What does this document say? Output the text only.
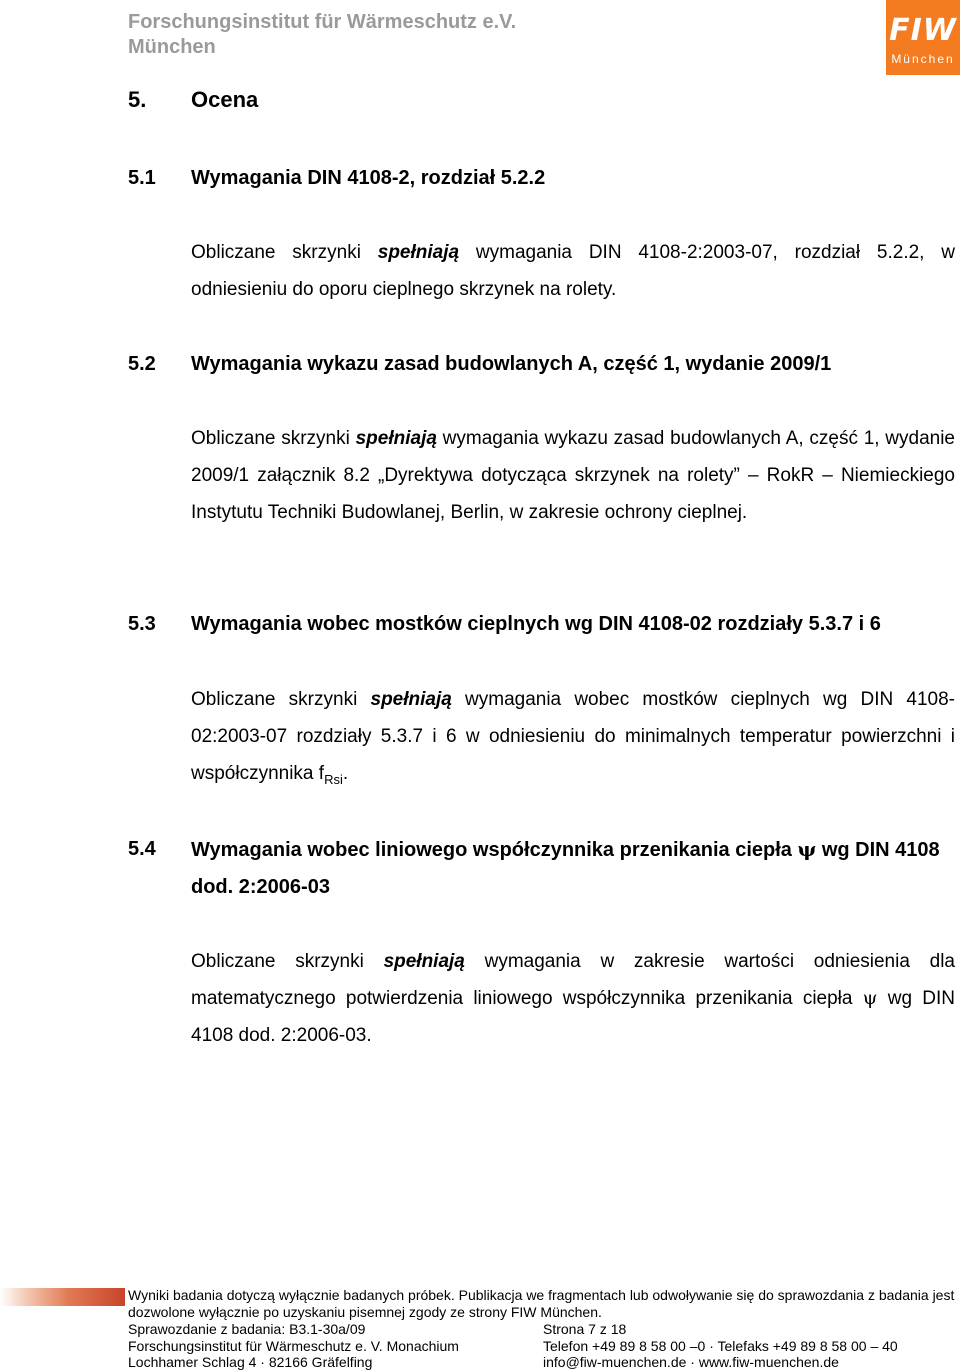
Forschungsinstitut für Wärmeschutz e.V.
München	FIW
München
5. Ocena
5.1 Wymagania DIN 4108-2, rozdział 5.2.2
Obliczane skrzynki spełniają wymagania DIN 4108-2:2003-07, rozdział 5.2.2, w odniesieniu do oporu cieplnego skrzynek na rolety.
5.2 Wymagania wykazu zasad budowlanych A, część 1, wydanie 2009/1
Obliczane skrzynki spełniają wymagania wykazu zasad budowlanych A, część 1, wydanie 2009/1 załącznik 8.2 „Dyrektywa dotycząca skrzynek na rolety” – RokR – Niemieckiego Instytutu Techniki Budowlanej, Berlin, w zakresie ochrony cieplnej.
5.3 Wymagania wobec mostków cieplnych wg DIN 4108-02 rozdziały 5.3.7 i 6
Obliczane skrzynki spełniają wymagania wobec mostków cieplnych wg DIN 4108-02:2003-07 rozdziały 5.3.7 i 6 w odniesieniu do minimalnych temperatur powierzchni i współczynnika $f_{Rsi}$.
5.4 Wymagania wobec liniowego współczynnika przenikania ciepła ψ wg DIN 4108 dod. 2:2006-03
Obliczane skrzynki spełniają wymagania w zakresie wartości odniesienia dla matematycznego potwierdzenia liniowego współczynnika przenikania ciepła ψ wg DIN 4108 dod. 2:2006-03.
Wyniki badania dotyczą wyłącznie badanych próbek. Publikacja we fragmentach lub odwoływanie się do sprawozdania z badania jest
dozwolone wyłącznie po uzyskaniu pisemnej zgody ze strony FIW München.
Sprawozdanie z badania: B3.1-30a/09
Forschungsinstitut für Wärmeschutz e. V. Monachium
Lochhamer Schlag 4 · 82166 Gräfelfing
Strona 7 z 18
Telefon +49 89 8 58 00 –0 · Telefaks +49 89 8 58 00 – 40
info@fiw-muenchen.de · www.fiw-muenchen.de
